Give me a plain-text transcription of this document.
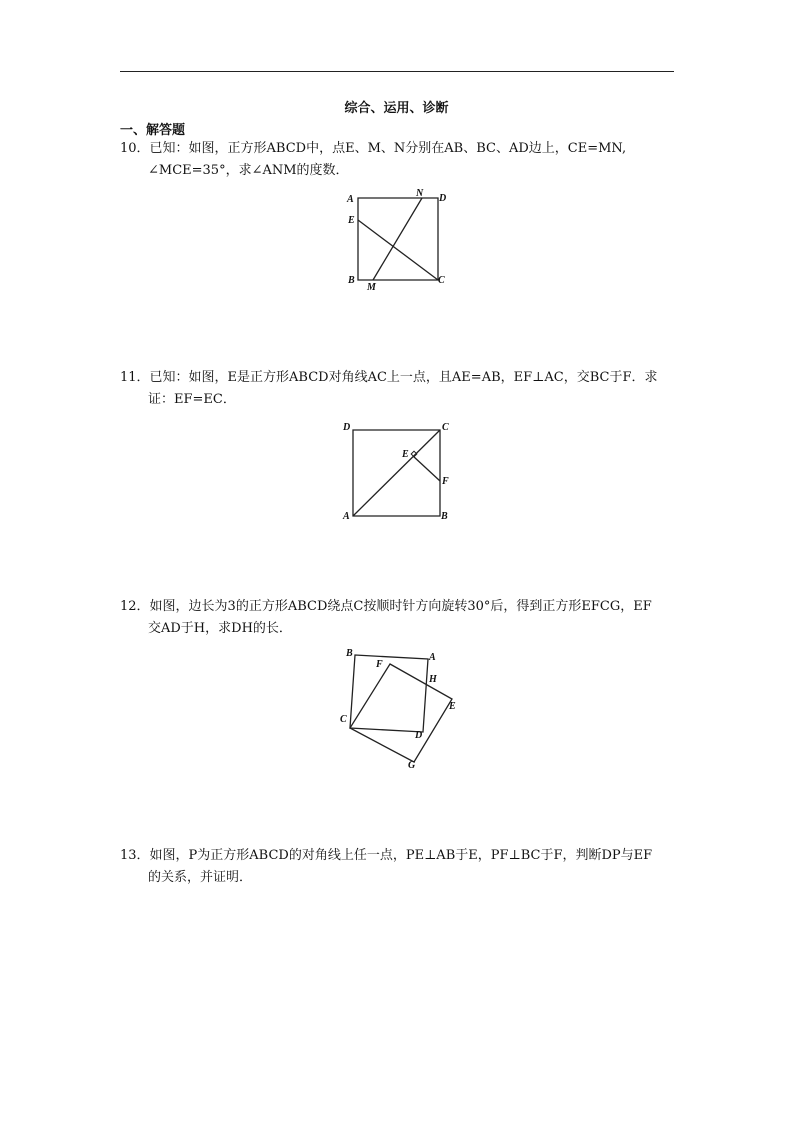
综合、运用、诊断
一、解答题
10．已知：如图，正方形ABCD中，点E、M、N分别在AB、BC、AD边上，CE=MN,
∠MCE=35°，求∠ANM的度数．
A
N D
E
B
M
C
11．已知：如图，E是正方形ABCD对角线AC上一点，且AE=AB，EF⊥AC，交BC于F．求
证：EF=EC．
D	C
E
F
A	B
12．如图，边长为3的正方形ABCD绕点C按顺时针方向旋转30°后，得到正方形EFCG，EF
交AD于H，求DH的长．
B
F
A
H
E
C
D
G
13．如图，P为正方形ABCD的对角线上任一点，PE⊥AB于E，PF⊥BC于F，判断DP与EF
的关系，并证明．
